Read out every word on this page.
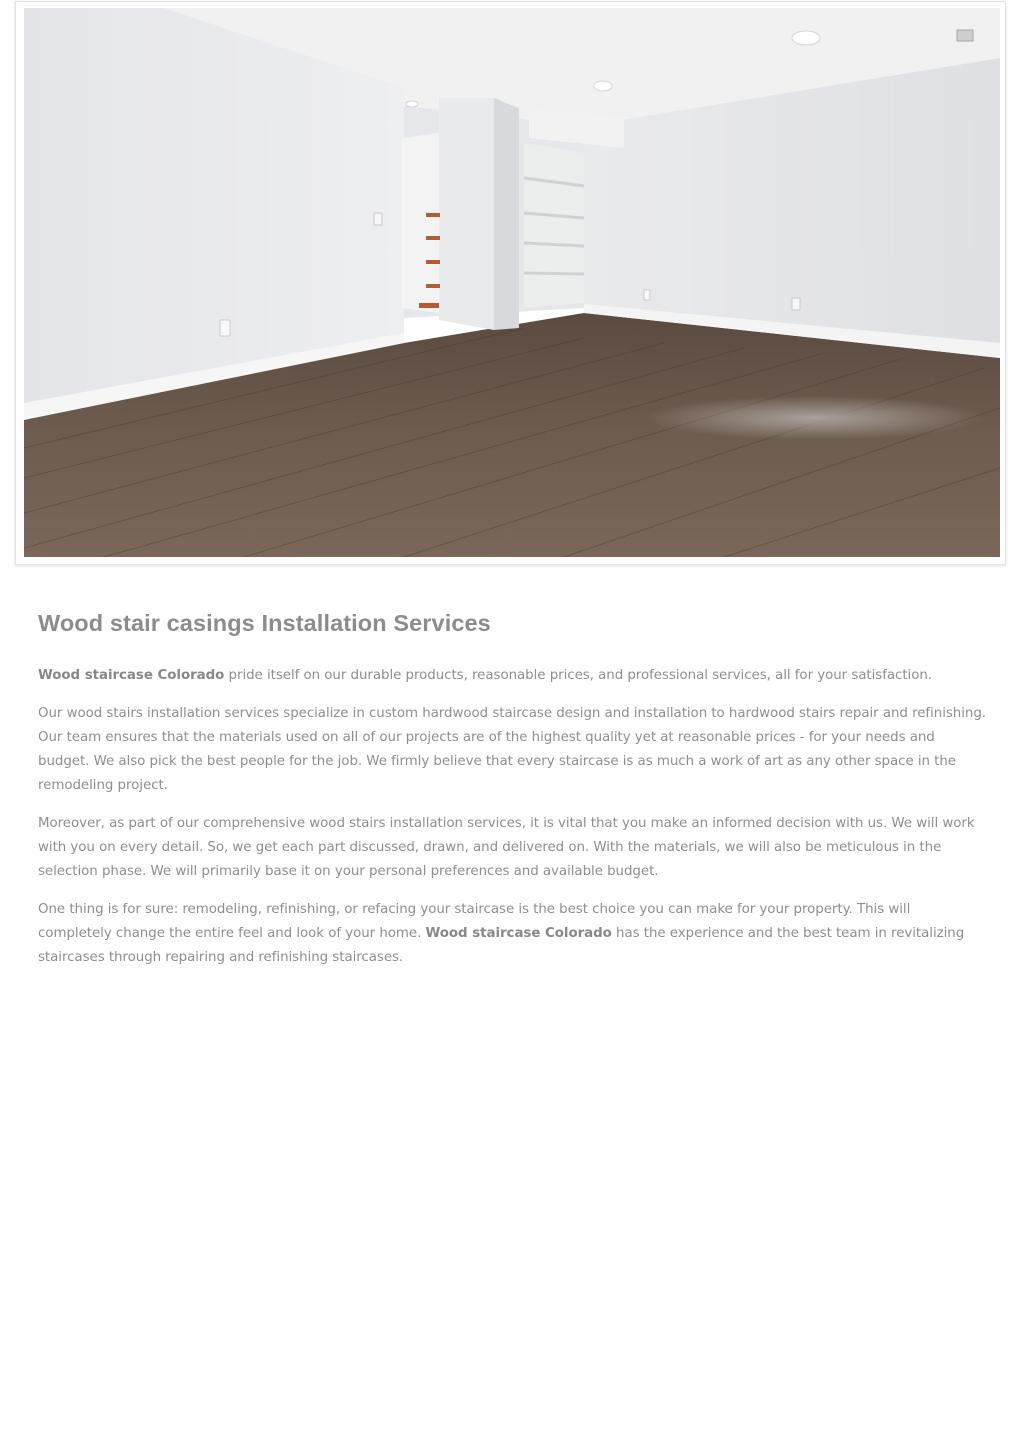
Wood stair casings Installation Services

Wood staircase Colorado pride itself on our durable products, reasonable prices, and professional services, all for your satisfaction.

Our wood stairs installation services specialize in custom hardwood staircase design and installation to hardwood stairs repair and refinishing. Our team ensures that the materials used on all of our projects are of the highest quality yet at reasonable prices - for your needs and budget. We also pick the best people for the job. We firmly believe that every staircase is as much a work of art as any other space in the remodeling project.

Moreover, as part of our comprehensive wood stairs installation services, it is vital that you make an informed decision with us. We will work with you on every detail. So, we get each part discussed, drawn, and delivered on. With the materials, we will also be meticulous in the selection phase. We will primarily base it on your personal preferences and available budget.

One thing is for sure: remodeling, refinishing, or refacing your staircase is the best choice you can make for your property. This will completely change the entire feel and look of your home. Wood staircase Colorado has the experience and the best team in revitalizing staircases through repairing and refinishing staircases.
